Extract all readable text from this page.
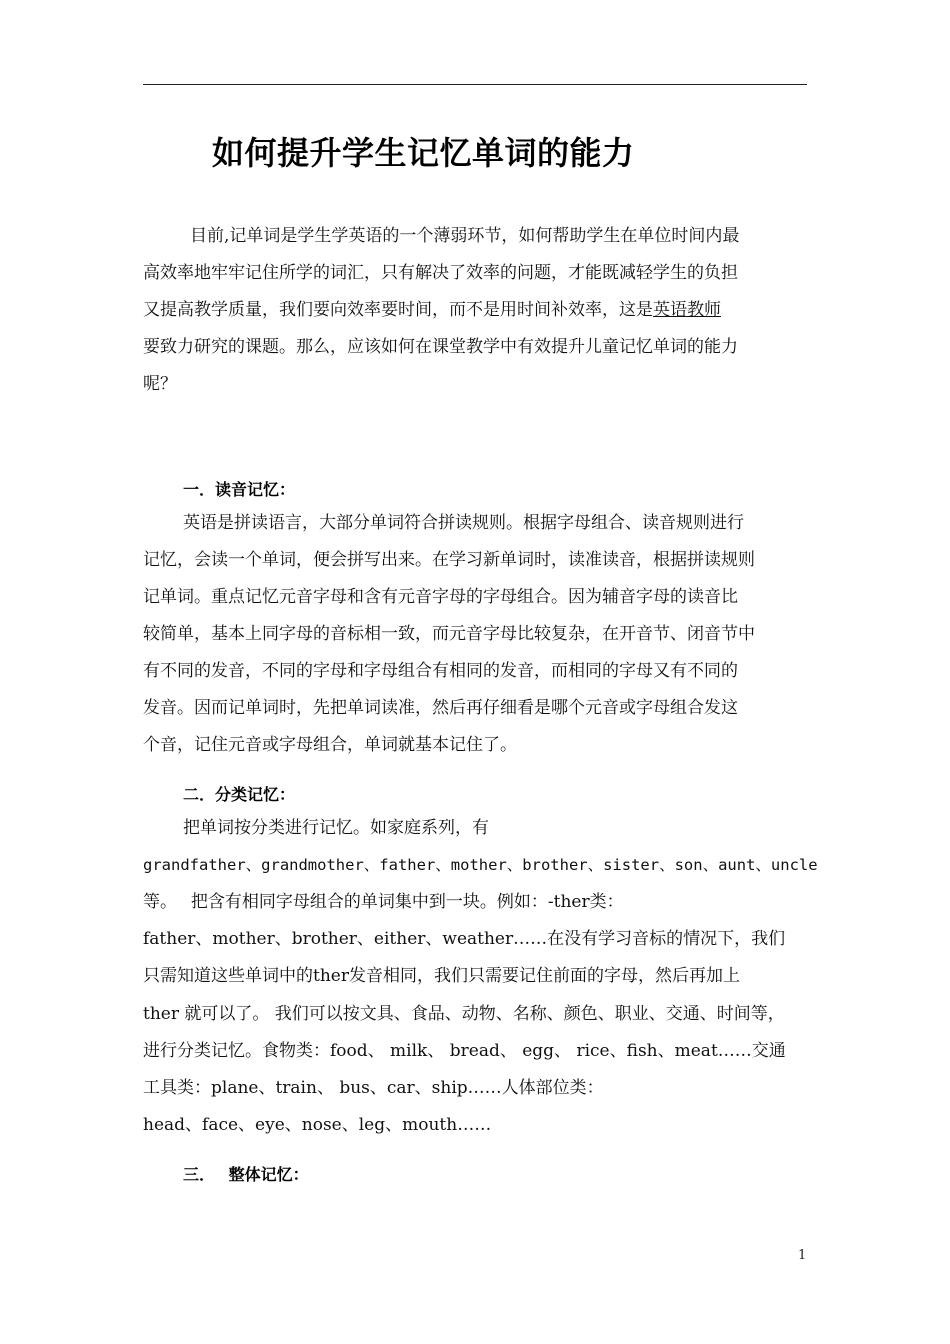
如何提升学生记忆单词的能力
目前,记单词是学生学英语的一个薄弱环节，如何帮助学生在单位时间内最
高效率地牢牢记住所学的词汇，只有解决了效率的问题，才能既减轻学生的负担
又提高教学质量，我们要向效率要时间，而不是用时间补效率，这是英语教师
要致力研究的课题。那么，应该如何在课堂教学中有效提升儿童记忆单词的能力
呢？
一．读音记忆：
英语是拼读语言，大部分单词符合拼读规则。根据字母组合、读音规则进行
记忆，会读一个单词，便会拼写出来。在学习新单词时，读准读音，根据拼读规则
记单词。重点记忆元音字母和含有元音字母的字母组合。因为辅音字母的读音比
较简单，基本上同字母的音标相一致，而元音字母比较复杂，在开音节、闭音节中
有不同的发音，不同的字母和字母组合有相同的发音，而相同的字母又有不同的
发音。因而记单词时，先把单词读准，然后再仔细看是哪个元音或字母组合发这
个音，记住元音或字母组合，单词就基本记住了。
二．分类记忆：
把单词按分类进行记忆。如家庭系列，有
grandfather、grandmother、father、mother、brother、sister、son、aunt、uncle
等。　 把含有相同字母组合的单词集中到一块。例如：-ther类：
father、mother、brother、either、weather……在没有学习音标的情况下，我们
只需知道这些单词中的ther发音相同，我们只需要记住前面的字母，然后再加上
ther 就可以了。 我们可以按文具、食品、动物、名称、颜色、职业、交通、时间等，
进行分类记忆。食物类：food、 milk、 bread、 egg、 rice、fish、meat……交通
工具类：plane、train、 bus、car、ship……人体部位类：
head、face、eye、nose、leg、mouth……
三．　 整体记忆：
1
